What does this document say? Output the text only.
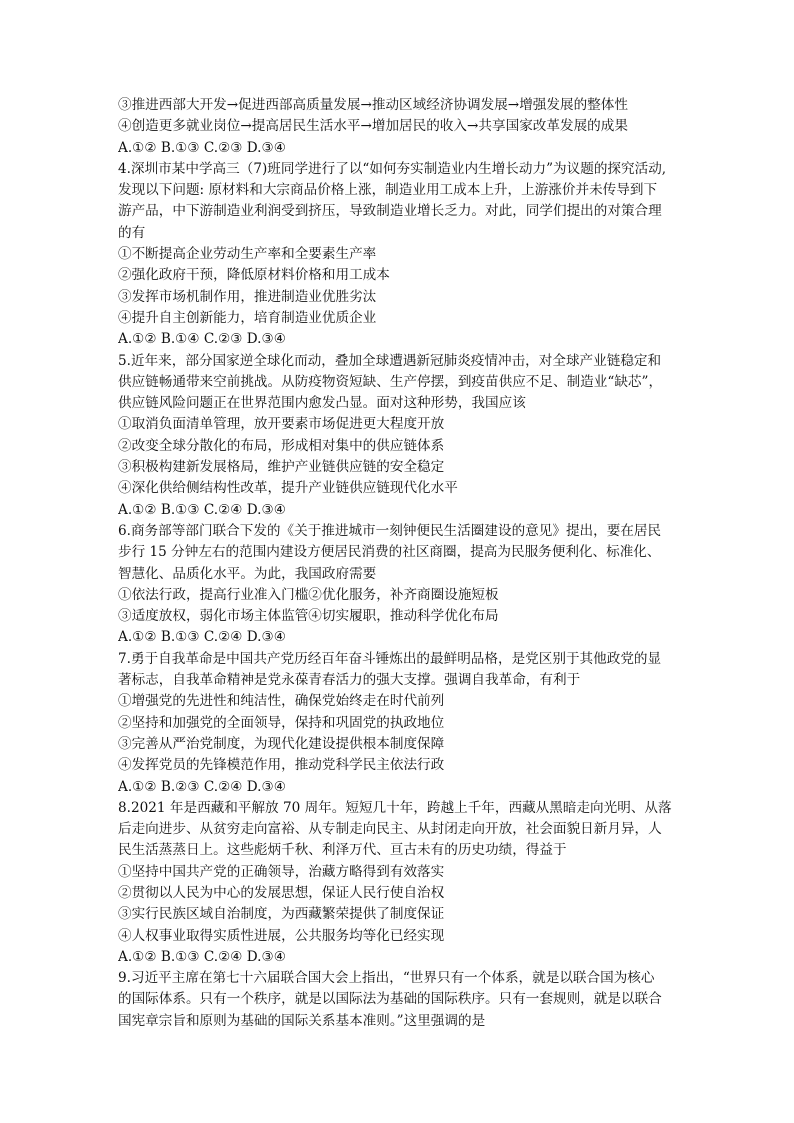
③推进西部大开发→促进西部高质量发展→推动区域经济协调发展→增强发展的整体性
④创造更多就业岗位→提高居民生活水平→增加居民的收入→共享国家改革发展的成果
A.①② B.①③ C.②③ D.③④
4.深圳市某中学高三（7)班同学进行了以“如何夯实制造业内生增长动力”为议题的探究活动,
发现以下问题: 原材料和大宗商品价格上涨，制造业用工成本上升，上游涨价并未传导到下
游产品，中下游制造业利润受到挤压，导致制造业增长乏力。对此，同学们提出的对策合理
的有
①不断提高企业劳动生产率和全要素生产率
②强化政府干预，降低原材料价格和用工成本
③发挥市场机制作用，推进制造业优胜劣汰
④提升自主创新能力，培育制造业优质企业
A.①② B.①④ C.②③ D.③④
5.近年来，部分国家逆全球化而动，叠加全球遭遇新冠肺炎疫情冲击，对全球产业链稳定和
供应链畅通带来空前挑战。从防疫物资短缺、生产停摆，到疫苗供应不足、制造业“缺芯”，
供应链风险问题正在世界范围内愈发凸显。面对这种形势，我国应该
①取消负面清单管理，放开要素市场促进更大程度开放
②改变全球分散化的布局，形成相对集中的供应链体系
③积极构建新发展格局，维护产业链供应链的安全稳定
④深化供给侧结构性改革，提升产业链供应链现代化水平
A.①② B.①③ C.②④ D.③④
6.商务部等部门联合下发的《关于推进城市一刻钟便民生活圈建设的意见》提出，要在居民
步行 15 分钟左右的范围内建设方便居民消费的社区商圈，提高为民服务便利化、标准化、
智慧化、品质化水平。为此，我国政府需要
①依法行政，提高行业准入门槛②优化服务，补齐商圈设施短板
③适度放权，弱化市场主体监管④切实履职，推动科学优化布局
A.①② B.①③ C.②④ D.③④
7.勇于自我革命是中国共产党历经百年奋斗锤炼出的最鲜明品格，是党区别于其他政党的显
著标志，自我革命精神是党永葆青春活力的强大支撑。强调自我革命，有利于
①增强党的先进性和纯洁性，确保党始终走在时代前列
②坚持和加强党的全面领导，保持和巩固党的执政地位
③完善从严治党制度，为现代化建设提供根本制度保障
④发挥党员的先锋模范作用，推动党科学民主依法行政
A.①② B.②③ C.②④ D.③④
8.2021 年是西藏和平解放 70 周年。短短几十年，跨越上千年，西藏从黑暗走向光明、从落
后走向进步、从贫穷走向富裕、从专制走向民主、从封闭走向开放，社会面貌日新月异，人
民生活蒸蒸日上。这些彪炳千秋、利泽万代、亘古未有的历史功绩，得益于
①坚持中国共产党的正确领导，治藏方略得到有效落实
②贯彻以人民为中心的发展思想，保证人民行使自治权
③实行民族区域自治制度，为西藏繁荣提供了制度保证
④人权事业取得实质性进展，公共服务均等化已经实现
A.①② B.①③ C.②④ D.③④
9.习近平主席在第七十六届联合国大会上指出，“世界只有一个体系，就是以联合国为核心
的国际体系。只有一个秩序，就是以国际法为基础的国际秩序。只有一套规则，就是以联合
国宪章宗旨和原则为基础的国际关系基本准则。”这里强调的是
